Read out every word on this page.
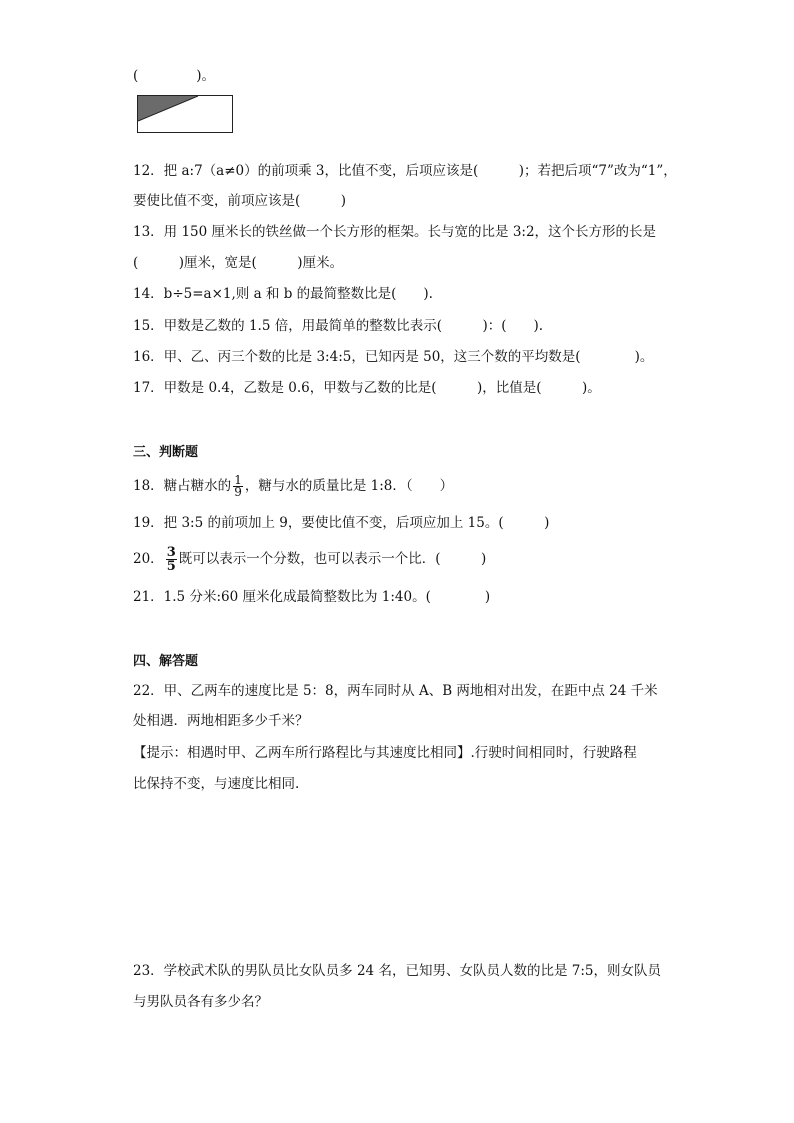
(	)。
12．把 a:7（a≠0）的前项乘 3，比值不变，后项应该是(　　　)；若把后项“7”改为“1”，
要使比值不变，前项应该是(　　　)
13．用 150 厘米长的铁丝做一个长方形的框架。长与宽的比是 3:2，这个长方形的长是
(　　　)厘米，宽是(　　　)厘米。
14．b÷5=a×1,则 a 和 b 的最简整数比是(　　).
15．甲数是乙数的 1.5 倍，用最简单的整数比表示(　　　)：(　　).
16．甲、乙、丙三个数的比是 3:4:5，已知丙是 50，这三个数的平均数是(　　　　)。
17．甲数是 0.4，乙数是 0.6，甲数与乙数的比是(　　　)，比值是(　　　)。
三、判断题
18．糖占糖水的 $\frac{1}{9}$ ，糖与水的质量比是 1:8．（　　）
19．把 3:5 的前项加上 9，要使比值不变，后项应加上 15。(　　　)
20． $\frac{3}{5}$ 既可以表示一个分数，也可以表示一个比．(　　　)
21．1.5 分米:60 厘米化成最简整数比为 1:40。(　　　　)
四、解答题
22．甲、乙两车的速度比是 5：8，两车同时从 A、B 两地相对出发，在距中点 24 千米
处相遇．两地相距多少千米？
【提示：相遇时甲、乙两车所行路程比与其速度比相同】.行驶时间相同时，行驶路程
比保持不变，与速度比相同.
23．学校武术队的男队员比女队员多 24 名，已知男、女队员人数的比是 7:5，则女队员
与男队员各有多少名？
